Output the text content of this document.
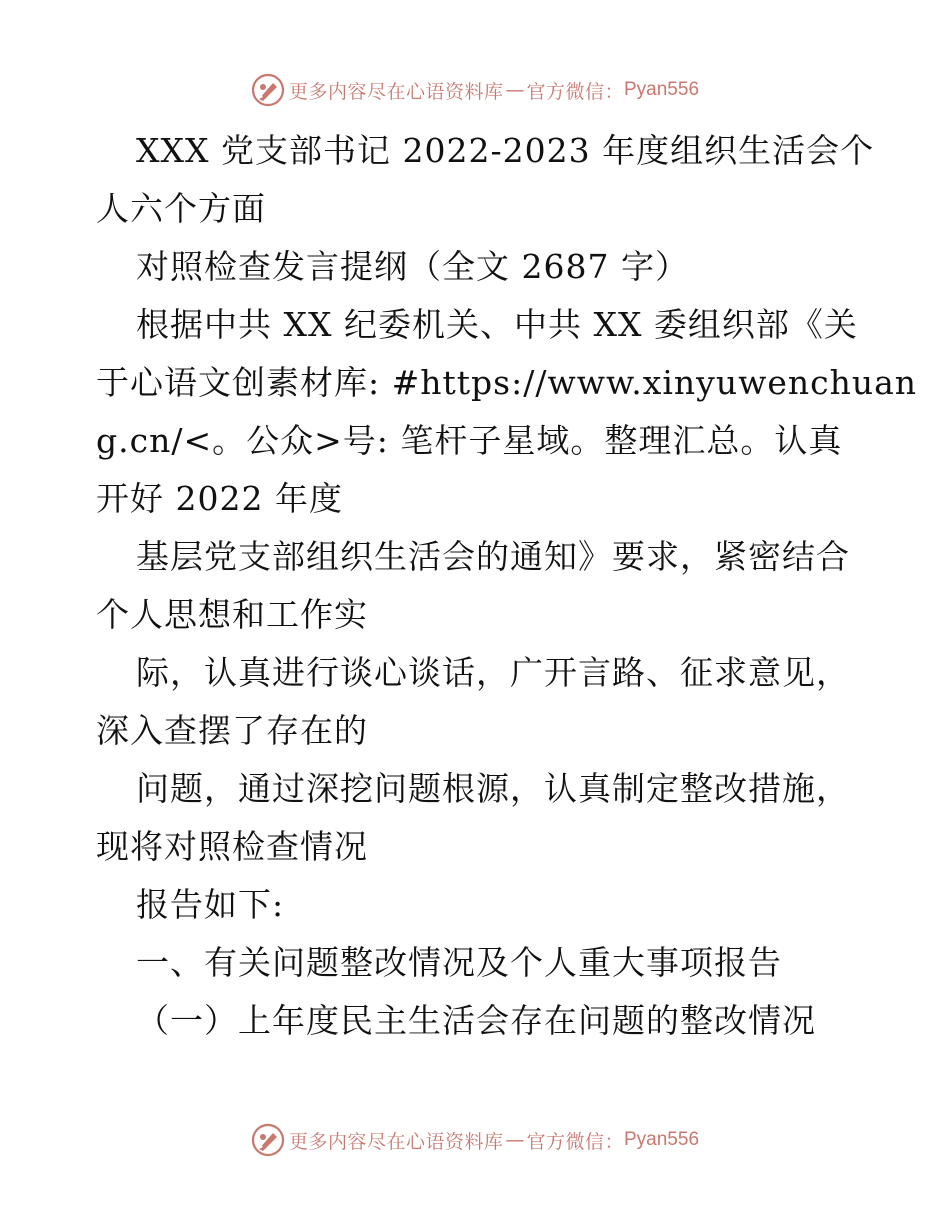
更多内容尽在心语资料库 — 官方微信： Pyan556
XXX 党支部书记 2022-2023 年度组织生活会个
人六个方面
对照检查发言提纲（全文 2687 字）
根据中共 XX 纪委机关、中共 XX 委组织部《关
于心语文创素材库: #https://www.xinyuwenchuan
g.cn/<。公众>号: 笔杆子星域。整理汇总。认真
开好 2022 年度
基层党支部组织生活会的通知》要求，紧密结合
个人思想和工作实
际，认真进行谈心谈话，广开言路、征求意见，
深入查摆了存在的
问题，通过深挖问题根源，认真制定整改措施，
现将对照检查情况
报告如下:
一、有关问题整改情况及个人重大事项报告
（一）上年度民主生活会存在问题的整改情况
更多内容尽在心语资料库 — 官方微信： Pyan556
